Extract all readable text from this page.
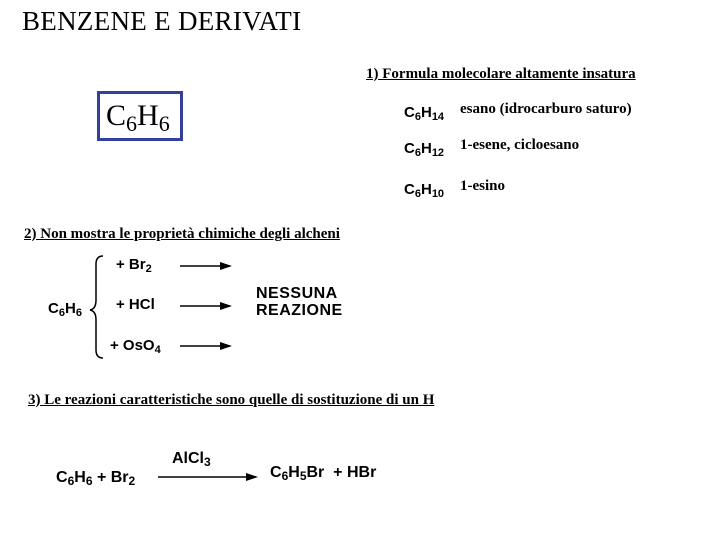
BENZENE E DERIVATI
1) Formula molecolare altamente insatura
$C_6H_6$	$C_6H_{14}$ esano (idrocarburo saturo)
$C_6H_{12}$ 1-esene, cicloesano
$C_6H_{10}$ 1-esino
2) Non mostra le proprietà chimiche degli alcheni
$C_6H_6$
+ $Br_2$
+ HCl
+ OsO$_4$
NESSUNA
REAZIONE
3) Le reazioni caratteristiche sono quelle di sostituzione di un H
$C_6H_6 + Br_2$
AlCl$_3$
$C_6H_5Br$ + HBr
